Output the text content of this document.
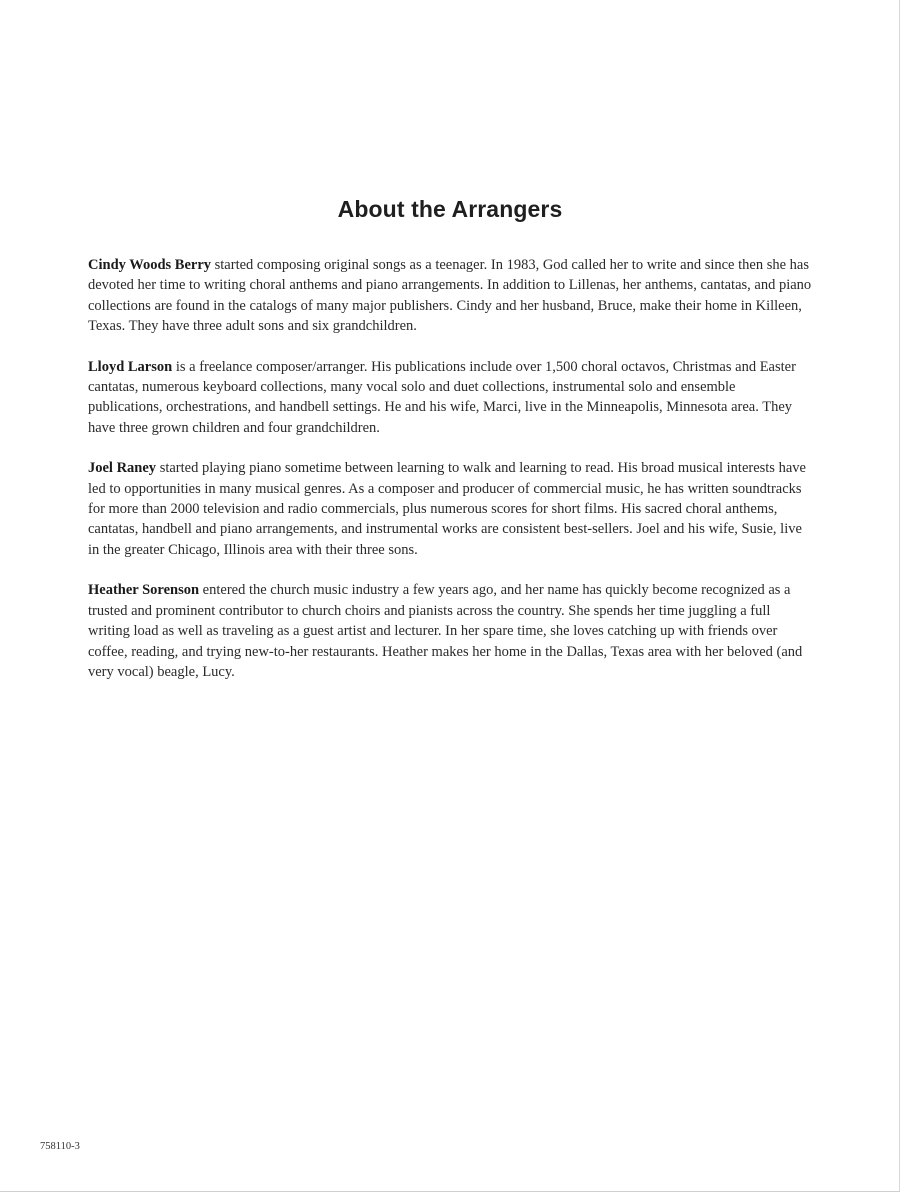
About the Arrangers

Cindy Woods Berry started composing original songs as a teenager. In 1983, God called her to write and since then she has devoted her time to writing choral anthems and piano arrangements. In addition to Lillenas, her anthems, cantatas, and piano collections are found in the catalogs of many major publishers. Cindy and her husband, Bruce, make their home in Killeen, Texas. They have three adult sons and six grandchildren.

Lloyd Larson is a freelance composer/arranger. His publications include over 1,500 choral octavos, Christmas and Easter cantatas, numerous keyboard collections, many vocal solo and duet collections, instrumental solo and ensemble publications, orchestrations, and handbell settings. He and his wife, Marci, live in the Minneapolis, Minnesota area. They have three grown children and four grandchildren.

Joel Raney started playing piano sometime between learning to walk and learning to read. His broad musical interests have led to opportunities in many musical genres. As a composer and producer of commercial music, he has written soundtracks for more than 2000 television and radio commercials, plus numerous scores for short films. His sacred choral anthems, cantatas, handbell and piano arrangements, and instrumental works are consistent best-sellers. Joel and his wife, Susie, live in the greater Chicago, Illinois area with their three sons.

Heather Sorenson entered the church music industry a few years ago, and her name has quickly become recognized as a trusted and prominent contributor to church choirs and pianists across the country. She spends her time juggling a full writing load as well as traveling as a guest artist and lecturer. In her spare time, she loves catching up with friends over coffee, reading, and trying new-to-her restaurants. Heather makes her home in the Dallas, Texas area with her beloved (and very vocal) beagle, Lucy.

758110-3
